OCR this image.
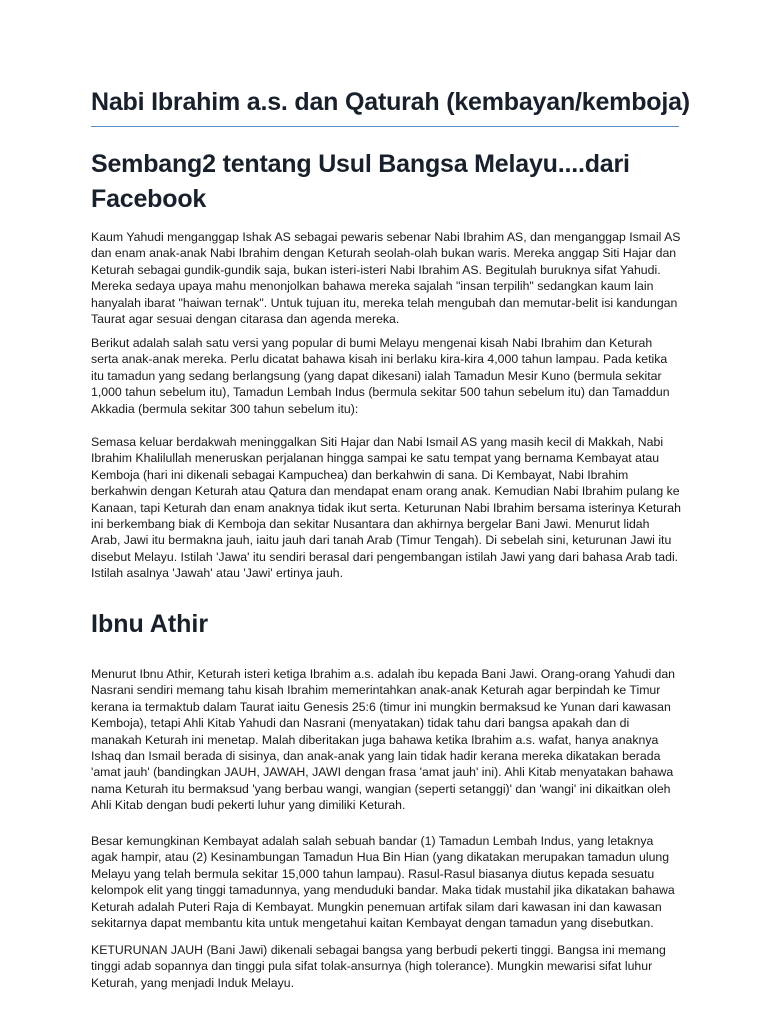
Nabi Ibrahim a.s. dan Qaturah (kembayan/kemboja)
Sembang2 tentang Usul Bangsa Melayu....dari Facebook

Kaum Yahudi menganggap Ishak AS sebagai pewaris sebenar Nabi Ibrahim AS, dan menganggap Ismail AS dan enam anak-anak Nabi Ibrahim dengan Keturah seolah-olah bukan waris. Mereka anggap Siti Hajar dan Keturah sebagai gundik-gundik saja, bukan isteri-isteri Nabi Ibrahim AS. Begitulah buruknya sifat Yahudi. Mereka sedaya upaya mahu menonjolkan bahawa mereka sajalah "insan terpilih" sedangkan kaum lain hanyalah ibarat "haiwan ternak". Untuk tujuan itu, mereka telah mengubah dan memutar-belit isi kandungan Taurat agar sesuai dengan citarasa dan agenda mereka.

Berikut adalah salah satu versi yang popular di bumi Melayu mengenai kisah Nabi Ibrahim dan Keturah serta anak-anak mereka. Perlu dicatat bahawa kisah ini berlaku kira-kira 4,000 tahun lampau. Pada ketika itu tamadun yang sedang berlangsung (yang dapat dikesani) ialah Tamadun Mesir Kuno (bermula sekitar 1,000 tahun sebelum itu), Tamadun Lembah Indus (bermula sekitar 500 tahun sebelum itu) dan Tamaddun Akkadia (bermula sekitar 300 tahun sebelum itu):

Semasa keluar berdakwah meninggalkan Siti Hajar dan Nabi Ismail AS yang masih kecil di Makkah, Nabi Ibrahim Khalilullah meneruskan perjalanan hingga sampai ke satu tempat yang bernama Kembayat atau Kemboja (hari ini dikenali sebagai Kampuchea) dan berkahwin di sana. Di Kembayat, Nabi Ibrahim berkahwin dengan Keturah atau Qatura dan mendapat enam orang anak. Kemudian Nabi Ibrahim pulang ke Kanaan, tapi Keturah dan enam anaknya tidak ikut serta. Keturunan Nabi Ibrahim bersama isterinya Keturah ini berkembang biak di Kemboja dan sekitar Nusantara dan akhirnya bergelar Bani Jawi. Menurut lidah Arab, Jawi itu bermakna jauh, iaitu jauh dari tanah Arab (Timur Tengah). Di sebelah sini, keturunan Jawi itu disebut Melayu. Istilah 'Jawa' itu sendiri berasal dari pengembangan istilah Jawi yang dari bahasa Arab tadi. Istilah asalnya 'Jawah' atau 'Jawi' ertinya jauh.

Ibnu Athir

Menurut Ibnu Athir, Keturah isteri ketiga Ibrahim a.s. adalah ibu kepada Bani Jawi. Orang-orang Yahudi dan Nasrani sendiri memang tahu kisah Ibrahim memerintahkan anak-anak Keturah agar berpindah ke Timur kerana ia termaktub dalam Taurat iaitu Genesis 25:6 (timur ini mungkin bermaksud ke Yunan dari kawasan Kemboja), tetapi Ahli Kitab Yahudi dan Nasrani (menyatakan) tidak tahu dari bangsa apakah dan di manakah Keturah ini menetap. Malah diberitakan juga bahawa ketika Ibrahim a.s. wafat, hanya anaknya Ishaq dan Ismail berada di sisinya, dan anak-anak yang lain tidak hadir kerana mereka dikatakan berada 'amat jauh' (bandingkan JAUH, JAWAH, JAWI dengan frasa 'amat jauh' ini). Ahli Kitab menyatakan bahawa nama Keturah itu bermaksud 'yang berbau wangi, wangian (seperti setanggi)' dan 'wangi' ini dikaitkan oleh Ahli Kitab dengan budi pekerti luhur yang dimiliki Keturah.

Besar kemungkinan Kembayat adalah salah sebuah bandar (1) Tamadun Lembah Indus, yang letaknya agak hampir, atau (2) Kesinambungan Tamadun Hua Bin Hian (yang dikatakan merupakan tamadun ulung Melayu yang telah bermula sekitar 15,000 tahun lampau). Rasul-Rasul biasanya diutus kepada sesuatu kelompok elit yang tinggi tamadunnya, yang menduduki bandar. Maka tidak mustahil jika dikatakan bahawa Keturah adalah Puteri Raja di Kembayat. Mungkin penemuan artifak silam dari kawasan ini dan kawasan sekitarnya dapat membantu kita untuk mengetahui kaitan Kembayat dengan tamadun yang disebutkan.

KETURUNAN JAUH (Bani Jawi) dikenali sebagai bangsa yang berbudi pekerti tinggi. Bangsa ini memang tinggi adab sopannya dan tinggi pula sifat tolak-ansurnya (high tolerance). Mungkin mewarisi sifat luhur Keturah, yang menjadi Induk Melayu.
